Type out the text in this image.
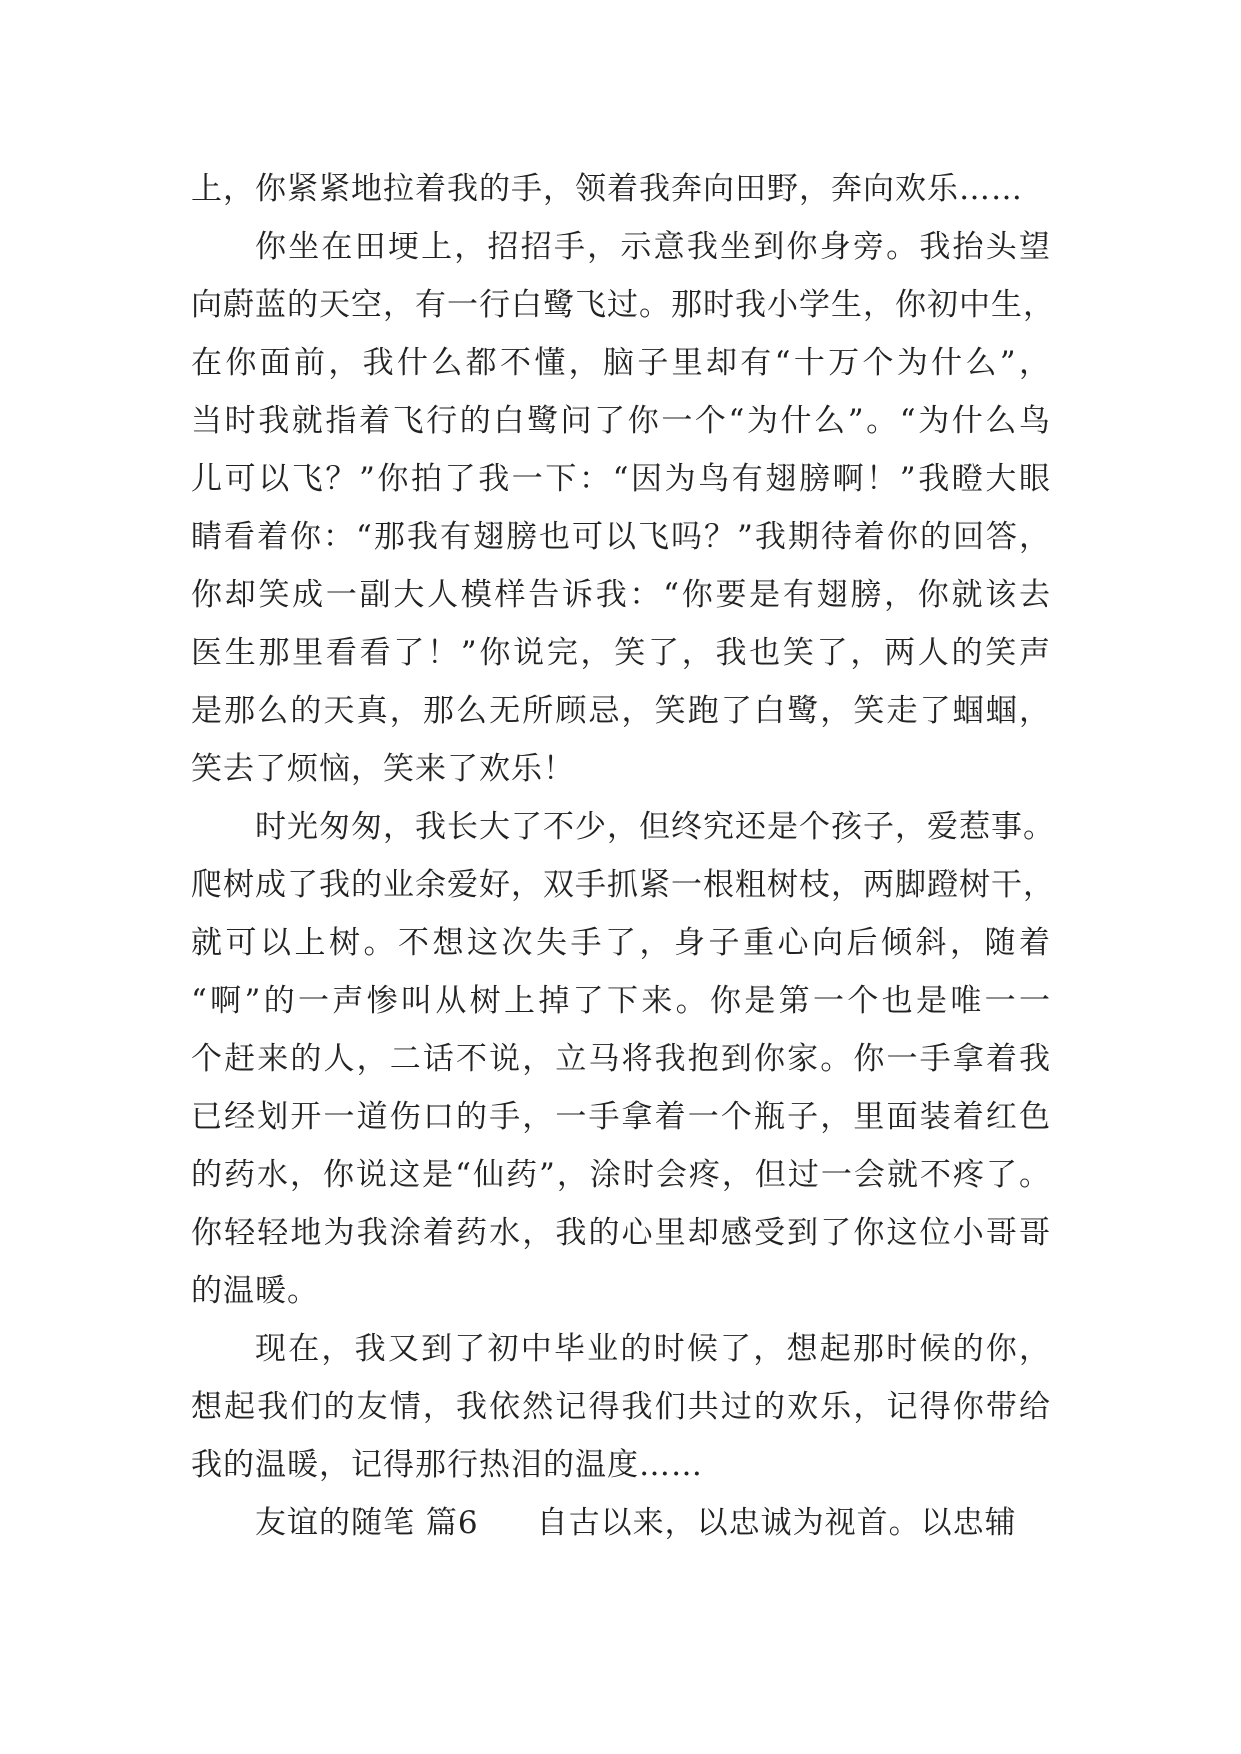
上，你紧紧地拉着我的手，领着我奔向田野，奔向欢乐……
你坐在田埂上，招招手，示意我坐到你身旁。我抬头望
向蔚蓝的天空，有一行白鹭飞过。那时我小学生，你初中生，
在你面前，我什么都不懂，脑子里却有“十万个为什么”，
当时我就指着飞行的白鹭问了你一个“为什么”。“为什么鸟
儿可以飞？”你拍了我一下：“因为鸟有翅膀啊！”我瞪大眼
睛看着你：“那我有翅膀也可以飞吗？”我期待着你的回答，
你却笑成一副大人模样告诉我：“你要是有翅膀，你就该去
医生那里看看了！”你说完，笑了，我也笑了，两人的笑声
是那么的天真，那么无所顾忌，笑跑了白鹭，笑走了蝈蝈，
笑去了烦恼，笑来了欢乐！
时光匆匆，我长大了不少，但终究还是个孩子，爱惹事。
爬树成了我的业余爱好，双手抓紧一根粗树枝，两脚蹬树干，
就可以上树。不想这次失手了，身子重心向后倾斜，随着
“啊”的一声惨叫从树上掉了下来。你是第一个也是唯一一
个赶来的人，二话不说，立马将我抱到你家。你一手拿着我
已经划开一道伤口的手，一手拿着一个瓶子，里面装着红色
的药水，你说这是“仙药”，涂时会疼，但过一会就不疼了。
你轻轻地为我涂着药水，我的心里却感受到了你这位小哥哥
的温暖。
现在，我又到了初中毕业的时候了，想起那时候的你，
想起我们的友情，我依然记得我们共过的欢乐，记得你带给
我的温暖，记得那行热泪的温度……
友谊的随笔 篇6 自古以来，以忠诚为视首。以忠辅
